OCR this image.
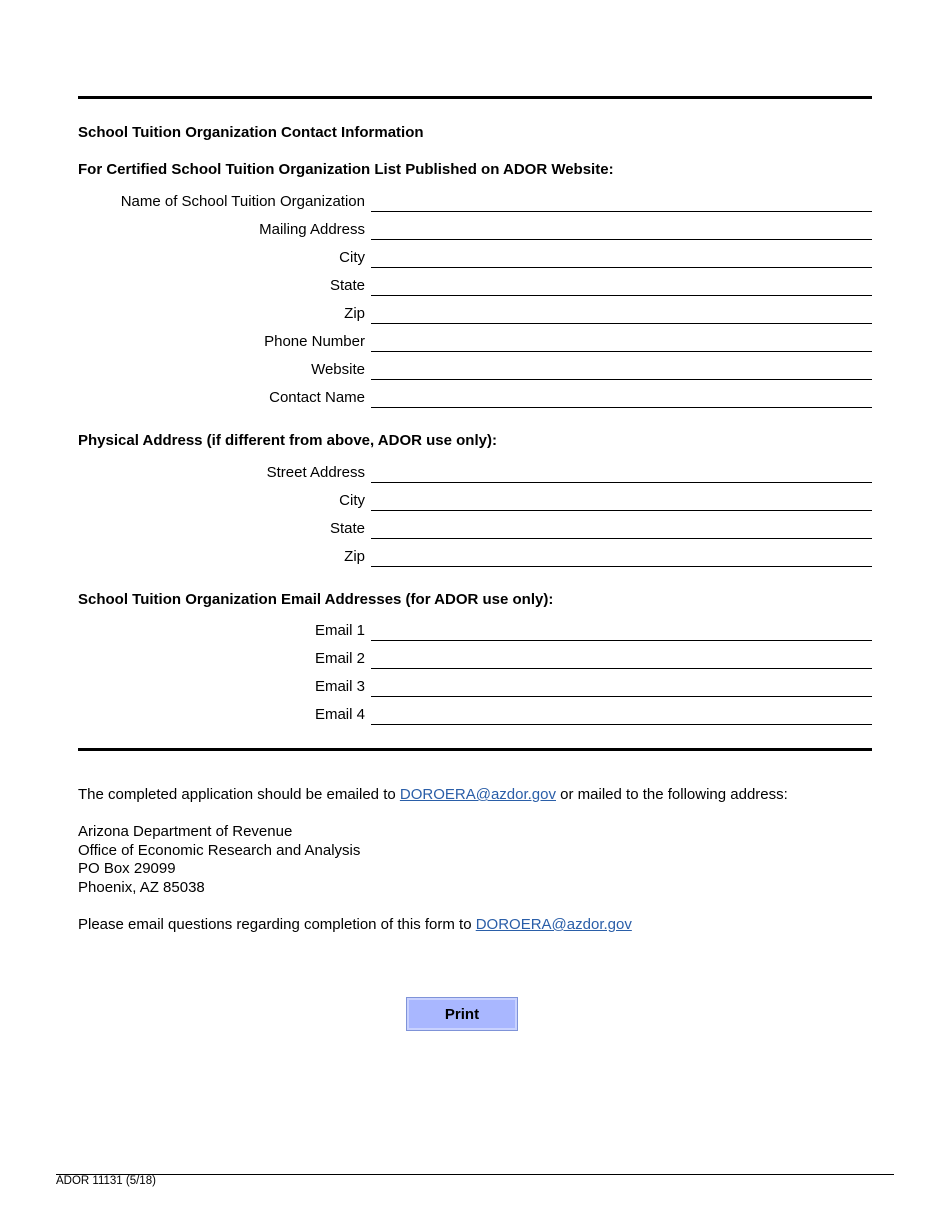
School Tuition Organization Contact Information
For Certified School Tuition Organization List Published on ADOR Website:
Name of School Tuition Organization
Mailing Address
City
State
Zip
Phone Number
Website
Contact Name
Physical Address (if different from above, ADOR use only):
Street Address
City
State
Zip
School Tuition Organization Email Addresses (for ADOR use only):
Email 1
Email 2
Email 3
Email 4
The completed application should be emailed to DOROERA@azdor.gov or mailed to the following address:
Arizona Department of Revenue
Office of Economic Research and Analysis
PO Box 29099
Phoenix, AZ 85038
Please email questions regarding completion of this form to DOROERA@azdor.gov
Print
ADOR 11131 (5/18)
